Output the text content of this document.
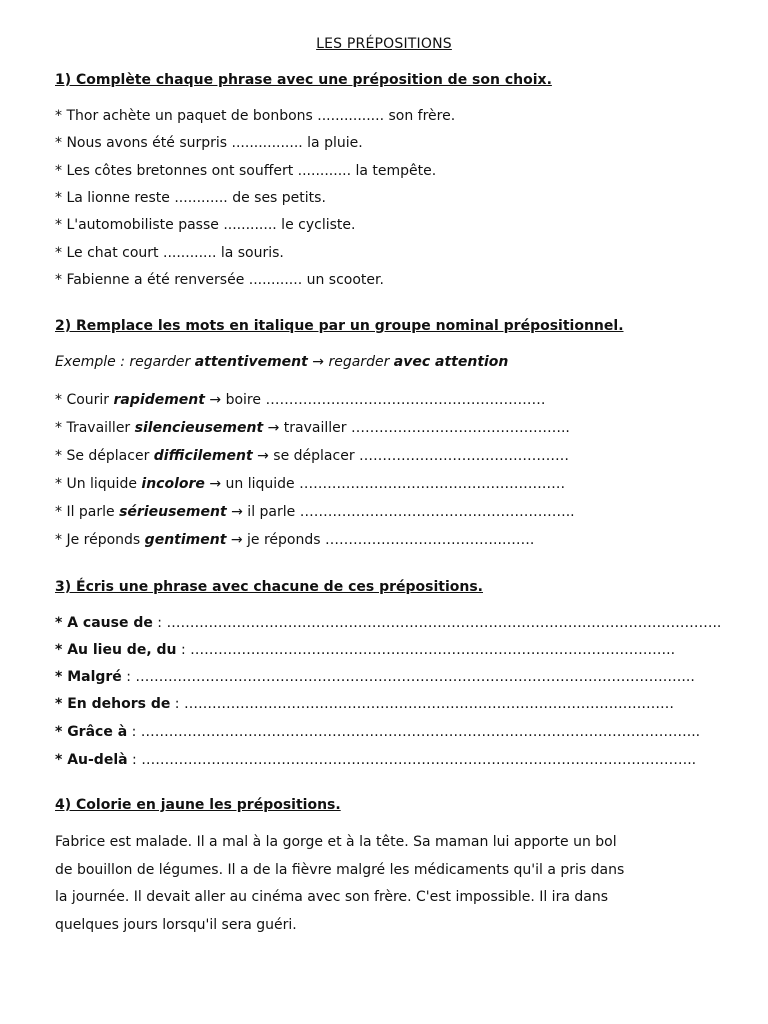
LES PRÉPOSITIONS
1) Complète chaque phrase avec une préposition de son choix.
* Thor achète un paquet de bonbons ............... son frère.
* Nous avons été surpris ................ la pluie.
* Les côtes bretonnes ont souffert ............ la tempête.
* La lionne reste ............ de ses petits.
* L'automobiliste passe ............ le cycliste.
* Le chat court ............ la souris.
* Fabienne a été renversée ............ un scooter.
2) Remplace les mots en italique par un groupe nominal prépositionnel.
Exemple : regarder attentivement → regarder avec attention
* Courir rapidement → boire ……………………………………………………
* Travailler silencieusement → travailler ………………………………………..
* Se déplacer difficilement → se déplacer ………………………………………
* Un liquide incolore → un liquide …………………………………………………
* Il parle sérieusement → il parle …………………………………………………..
* Je réponds gentiment → je réponds ………………………………..…….
3) Écris une phrase avec chacune de ces prépositions.
* A cause de : ………………………………………………………………………………………………………..
* Au lieu de, du : …………………………………………………………………………………………..
* Malgré : ………………………………………………………………………………………………………...
* En dehors de : ……………………………………………………………………………………………
* Grâce à : ………………………………………………………………………………………………………...
* Au-delà : ………………………………………………………………………………………………………..
4) Colorie en jaune les prépositions.
Fabrice est malade. Il a mal à la gorge et à la tête. Sa maman lui apporte un bol
de bouillon de légumes. Il a de la fièvre malgré les médicaments qu'il a pris dans
la journée. Il devait aller au cinéma avec son frère. C'est impossible. Il ira dans
quelques jours lorsqu'il sera guéri.
